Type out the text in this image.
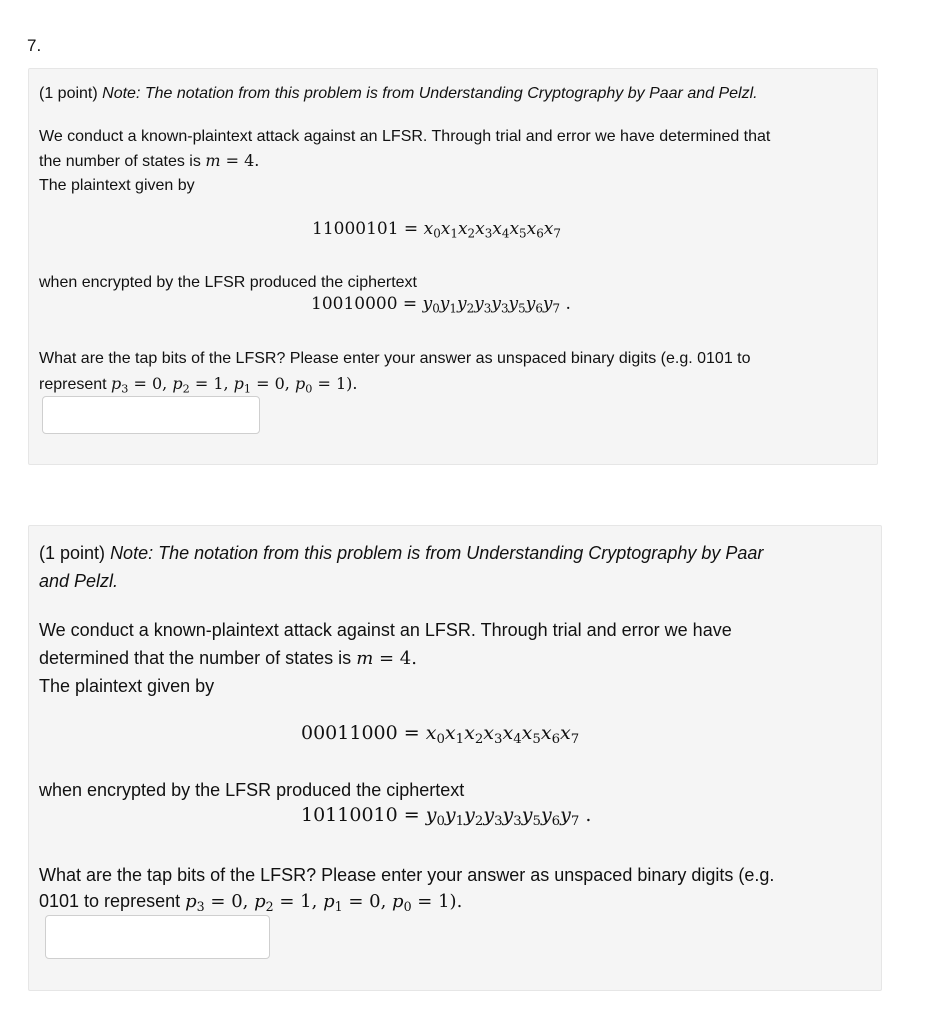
7.
(1 point) Note: The notation from this problem is from Understanding Cryptography by Paar and Pelzl.
We conduct a known-plaintext attack against an LFSR. Through trial and error we have determined that
the number of states is m = 4.
The plaintext given by
$11000101 = x_0x_1x_2x_3x_4x_5x_6x_7$
when encrypted by the LFSR produced the ciphertext
$10010000 = y_0y_1y_2y_3y_3y_5y_6y_7$ .
What are the tap bits of the LFSR? Please enter your answer as unspaced binary digits (e.g. 0101 to
represent $p_3 = 0$, $p_2 = 1$, $p_1 = 0$, $p_0 = 1$).
(1 point) Note: The notation from this problem is from Understanding Cryptography by Paar
and Pelzl.
We conduct a known-plaintext attack against an LFSR. Through trial and error we have
determined that the number of states is m = 4.
The plaintext given by
$00011000 = x_0x_1x_2x_3x_4x_5x_6x_7$
when encrypted by the LFSR produced the ciphertext
$10110010 = y_0y_1y_2y_3y_3y_5y_6y_7$ .
What are the tap bits of the LFSR? Please enter your answer as unspaced binary digits (e.g.
0101 to represent $p_3 = 0$, $p_2 = 1$, $p_1 = 0$, $p_0 = 1$).
